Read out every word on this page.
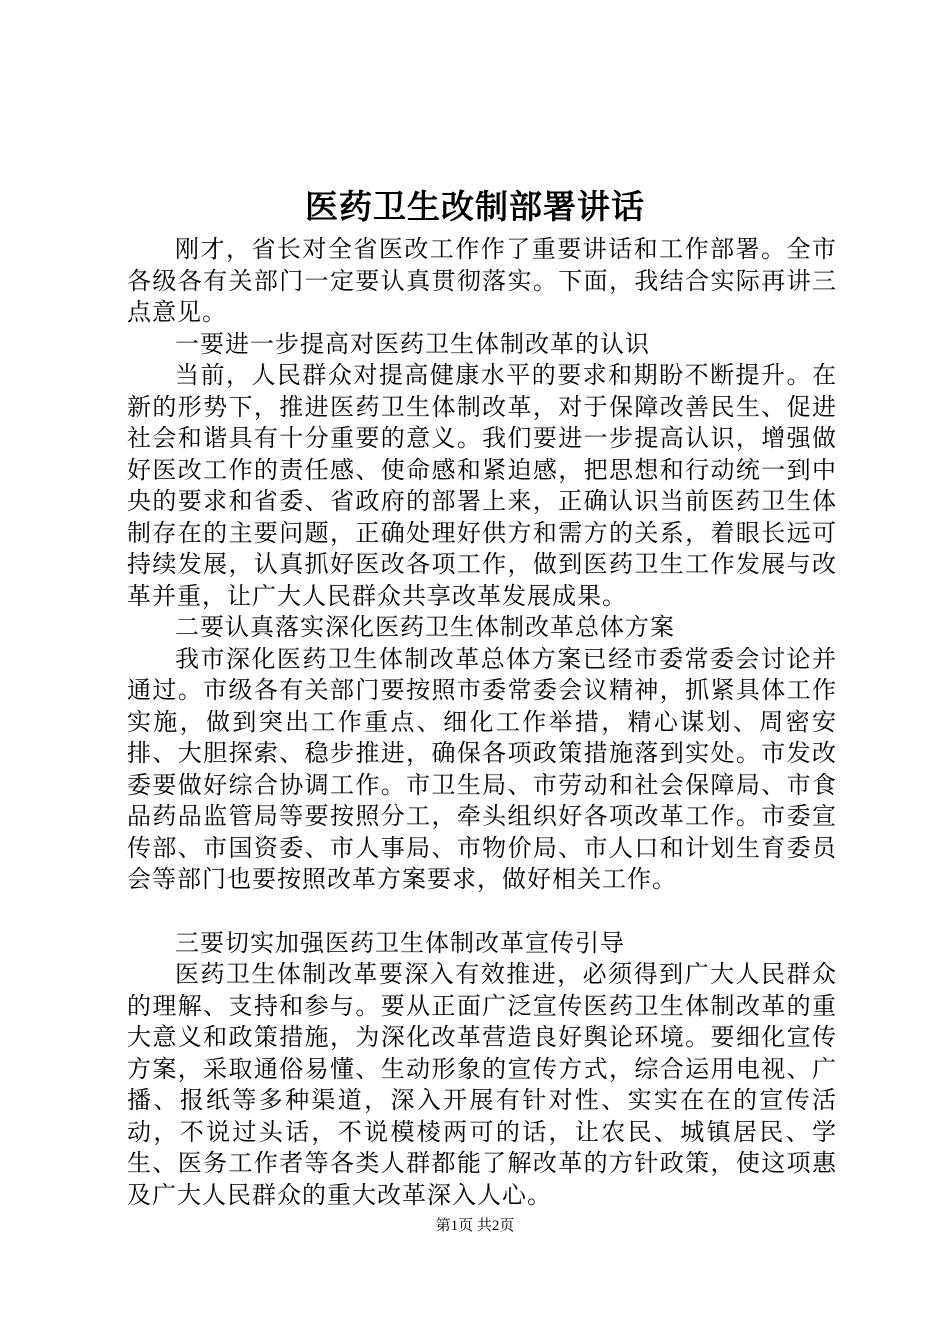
医药卫生改制部署讲话

刚才，省长对全省医改工作作了重要讲话和工作部署。全市各级各有关部门一定要认真贯彻落实。下面，我结合实际再讲三点意见。

一要进一步提高对医药卫生体制改革的认识

当前，人民群众对提高健康水平的要求和期盼不断提升。在新的形势下，推进医药卫生体制改革，对于保障改善民生、促进社会和谐具有十分重要的意义。我们要进一步提高认识，增强做好医改工作的责任感、使命感和紧迫感，把思想和行动统一到中央的要求和省委、省政府的部署上来，正确认识当前医药卫生体制存在的主要问题，正确处理好供方和需方的关系，着眼长远可持续发展，认真抓好医改各项工作，做到医药卫生工作发展与改革并重，让广大人民群众共享改革发展成果。

二要认真落实深化医药卫生体制改革总体方案

我市深化医药卫生体制改革总体方案已经市委常委会讨论并通过。市级各有关部门要按照市委常委会议精神，抓紧具体工作实施，做到突出工作重点、细化工作举措，精心谋划、周密安排、大胆探索、稳步推进，确保各项政策措施落到实处。市发改委要做好综合协调工作。市卫生局、市劳动和社会保障局、市食品药品监管局等要按照分工，牵头组织好各项改革工作。市委宣传部、市国资委、市人事局、市物价局、市人口和计划生育委员会等部门也要按照改革方案要求，做好相关工作。

三要切实加强医药卫生体制改革宣传引导

医药卫生体制改革要深入有效推进，必须得到广大人民群众的理解、支持和参与。要从正面广泛宣传医药卫生体制改革的重大意义和政策措施，为深化改革营造良好舆论环境。要细化宣传方案，采取通俗易懂、生动形象的宣传方式，综合运用电视、广播、报纸等多种渠道，深入开展有针对性、实实在在的宣传活动，不说过头话，不说模棱两可的话，让农民、城镇居民、学生、医务工作者等各类人群都能了解改革的方针政策，使这项惠及广大人民群众的重大改革深入人心。

第1页 共2页
